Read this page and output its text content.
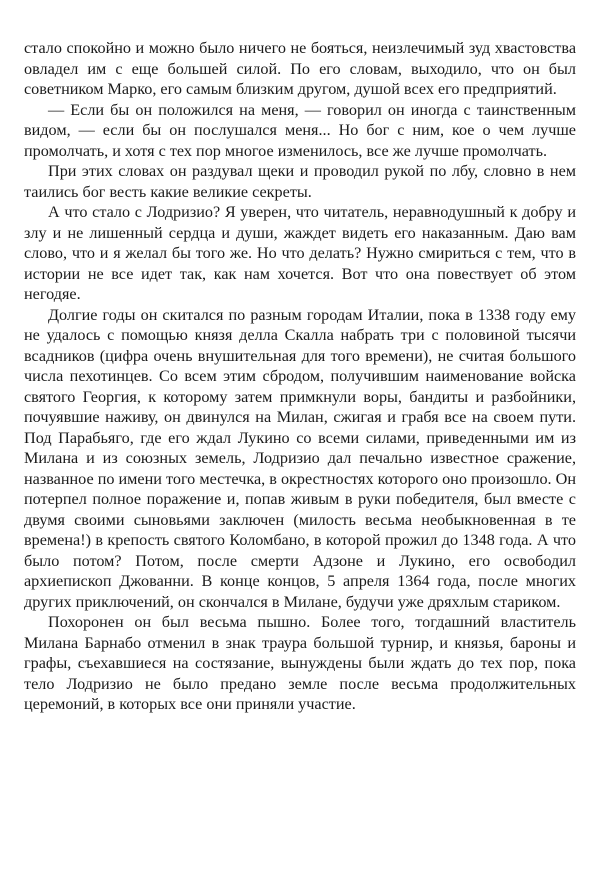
стало спокойно и можно было ничего не бояться, неизлечимый зуд хвастовства овладел им с еще большей силой. По его словам, выходило, что он был советником Марко, его самым близким другом, душой всех его предприятий.

— Если бы он положился на меня, — говорил он иногда с таинственным видом, — если бы он послушался меня... Но бог с ним, кое о чем лучше промолчать, и хотя с тех пор многое изменилось, все же лучше промолчать.

При этих словах он раздувал щеки и проводил рукой по лбу, словно в нем таились бог весть какие великие секреты.

А что стало с Лодризио? Я уверен, что читатель, неравнодушный к добру и злу и не лишенный сердца и души, жаждет видеть его наказанным. Даю вам слово, что и я желал бы того же. Но что делать? Нужно смириться с тем, что в истории не все идет так, как нам хочется. Вот что она повествует об этом негодяе.

Долгие годы он скитался по разным городам Италии, пока в 1338 году ему не удалось с помощью князя делла Скалла набрать три с половиной тысячи всадников (цифра очень внушительная для того времени), не считая большого числа пехотинцев. Со всем этим сбродом, получившим наименование войска святого Георгия, к которому затем примкнули воры, бандиты и разбойники, почуявшие наживу, он двинулся на Милан, сжигая и грабя все на своем пути. Под Парабьяго, где его ждал Лукино со всеми силами, приведенными им из Милана и из союзных земель, Лодризио дал печально известное сражение, названное по имени того местечка, в окрестностях которого оно произошло. Он потерпел полное поражение и, попав живым в руки победителя, был вместе с двумя своими сыновьями заключен (милость весьма необыкновенная в те времена!) в крепость святого Коломбано, в которой прожил до 1348 года. А что было потом? Потом, после смерти Адзоне и Лукино, его освободил архиепископ Джованни. В конце концов, 5 апреля 1364 года, после многих других приключений, он скончался в Милане, будучи уже дряхлым стариком.

Похоронен он был весьма пышно. Более того, тогдашний властитель Милана Барнабо отменил в знак траура большой турнир, и князья, бароны и графы, съехавшиеся на состязание, вынуждены были ждать до тех пор, пока тело Лодризио не было предано земле после весьма продолжительных церемоний, в которых все они приняли участие.
